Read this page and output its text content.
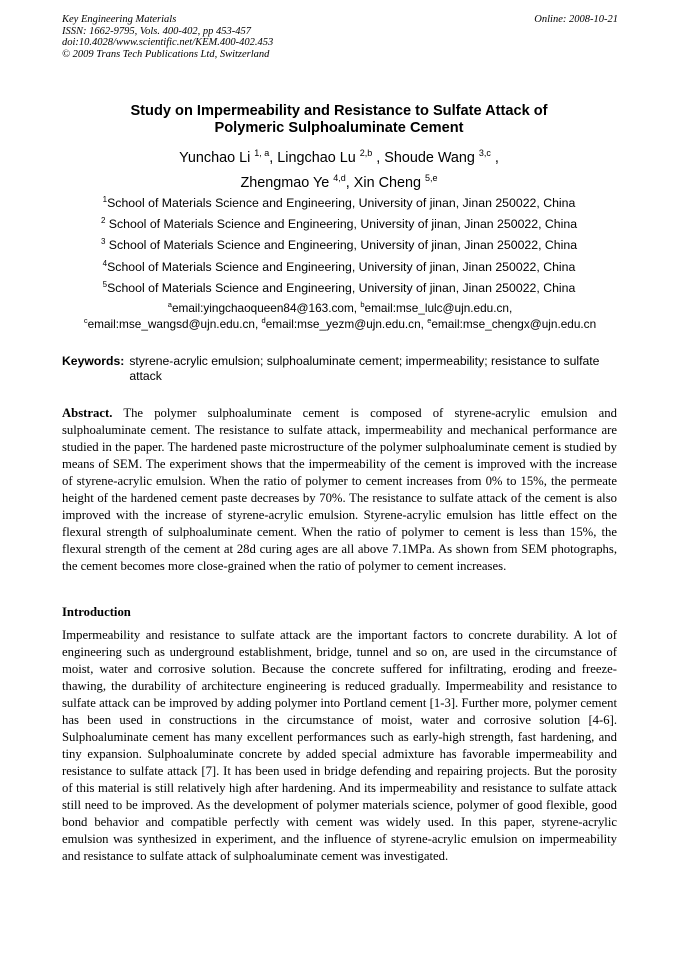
Key Engineering Materials
ISSN: 1662-9795, Vols. 400-402, pp 453-457
doi:10.4028/www.scientific.net/KEM.400-402.453
© 2009 Trans Tech Publications Ltd, Switzerland
Online: 2008-10-21
Study on Impermeability and Resistance to Sulfate Attack of
Polymeric Sulphoaluminate Cement
Yunchao Li $^{1, a}$, Lingchao Lu $^{2,b}$ , Shoude Wang $^{3,c}$ ,
Zhengmao Ye $^{4,d}$, Xin Cheng $^{5,e}$
$^1$School of Materials Science and Engineering, University of jinan, Jinan 250022, China
$^2$ School of Materials Science and Engineering, University of jinan, Jinan 250022, China
$^3$ School of Materials Science and Engineering, University of jinan, Jinan 250022, China
$^4$School of Materials Science and Engineering, University of jinan, Jinan 250022, China
$^5$School of Materials Science and Engineering, University of jinan, Jinan 250022, China
$^a$email:yingchaoqueen84@163.com, $^b$email:mse_lulc@ujn.edu.cn,
$^c$email:mse_wangsd@ujn.edu.cn, $^d$email:mse_yezm@ujn.edu.cn, $^e$email:mse_chengx@ujn.edu.cn
Keywords: styrene-acrylic emulsion; sulphoaluminate cement; impermeability; resistance to sulfate attack
Abstract. The polymer sulphoaluminate cement is composed of styrene-acrylic emulsion and sulphoaluminate cement. The resistance to sulfate attack, impermeability and mechanical performance are studied in the paper. The hardened paste microstructure of the polymer sulphoaluminate cement is studied by means of SEM. The experiment shows that the impermeability of the cement is improved with the increase of styrene-acrylic emulsion. When the ratio of polymer to cement increases from 0% to 15%, the permeate height of the hardened cement paste decreases by 70%. The resistance to sulfate attack of the cement is also improved with the increase of styrene-acrylic emulsion. Styrene-acrylic emulsion has little effect on the flexural strength of sulphoaluminate cement. When the ratio of polymer to cement is less than 15%, the flexural strength of the cement at 28d curing ages are all above 7.1MPa. As shown from SEM photographs, the cement becomes more close-grained when the ratio of polymer to cement increases.
Introduction
Impermeability and resistance to sulfate attack are the important factors to concrete durability. A lot of engineering such as underground establishment, bridge, tunnel and so on, are used in the circumstance of moist, water and corrosive solution. Because the concrete suffered for infiltrating, eroding and freeze-thawing, the durability of architecture engineering is reduced gradually. Impermeability and resistance to sulfate attack can be improved by adding polymer into Portland cement [1-3]. Further more, polymer cement has been used in constructions in the circumstance of moist, water and corrosive solution [4-6]. Sulphoaluminate cement has many excellent performances such as early-high strength, fast hardening, and tiny expansion. Sulphoaluminate concrete by added special admixture has favorable impermeability and resistance to sulfate attack [7]. It has been used in bridge defending and repairing projects. But the porosity of this material is still relatively high after hardening. And its impermeability and resistance to sulfate attack still need to be improved. As the development of polymer materials science, polymer of good flexible, good bond behavior and compatible perfectly with cement was widely used. In this paper, styrene-acrylic emulsion was synthesized in experiment, and the influence of styrene-acrylic emulsion on impermeability and resistance to sulfate attack of sulphoaluminate cement was investigated.
